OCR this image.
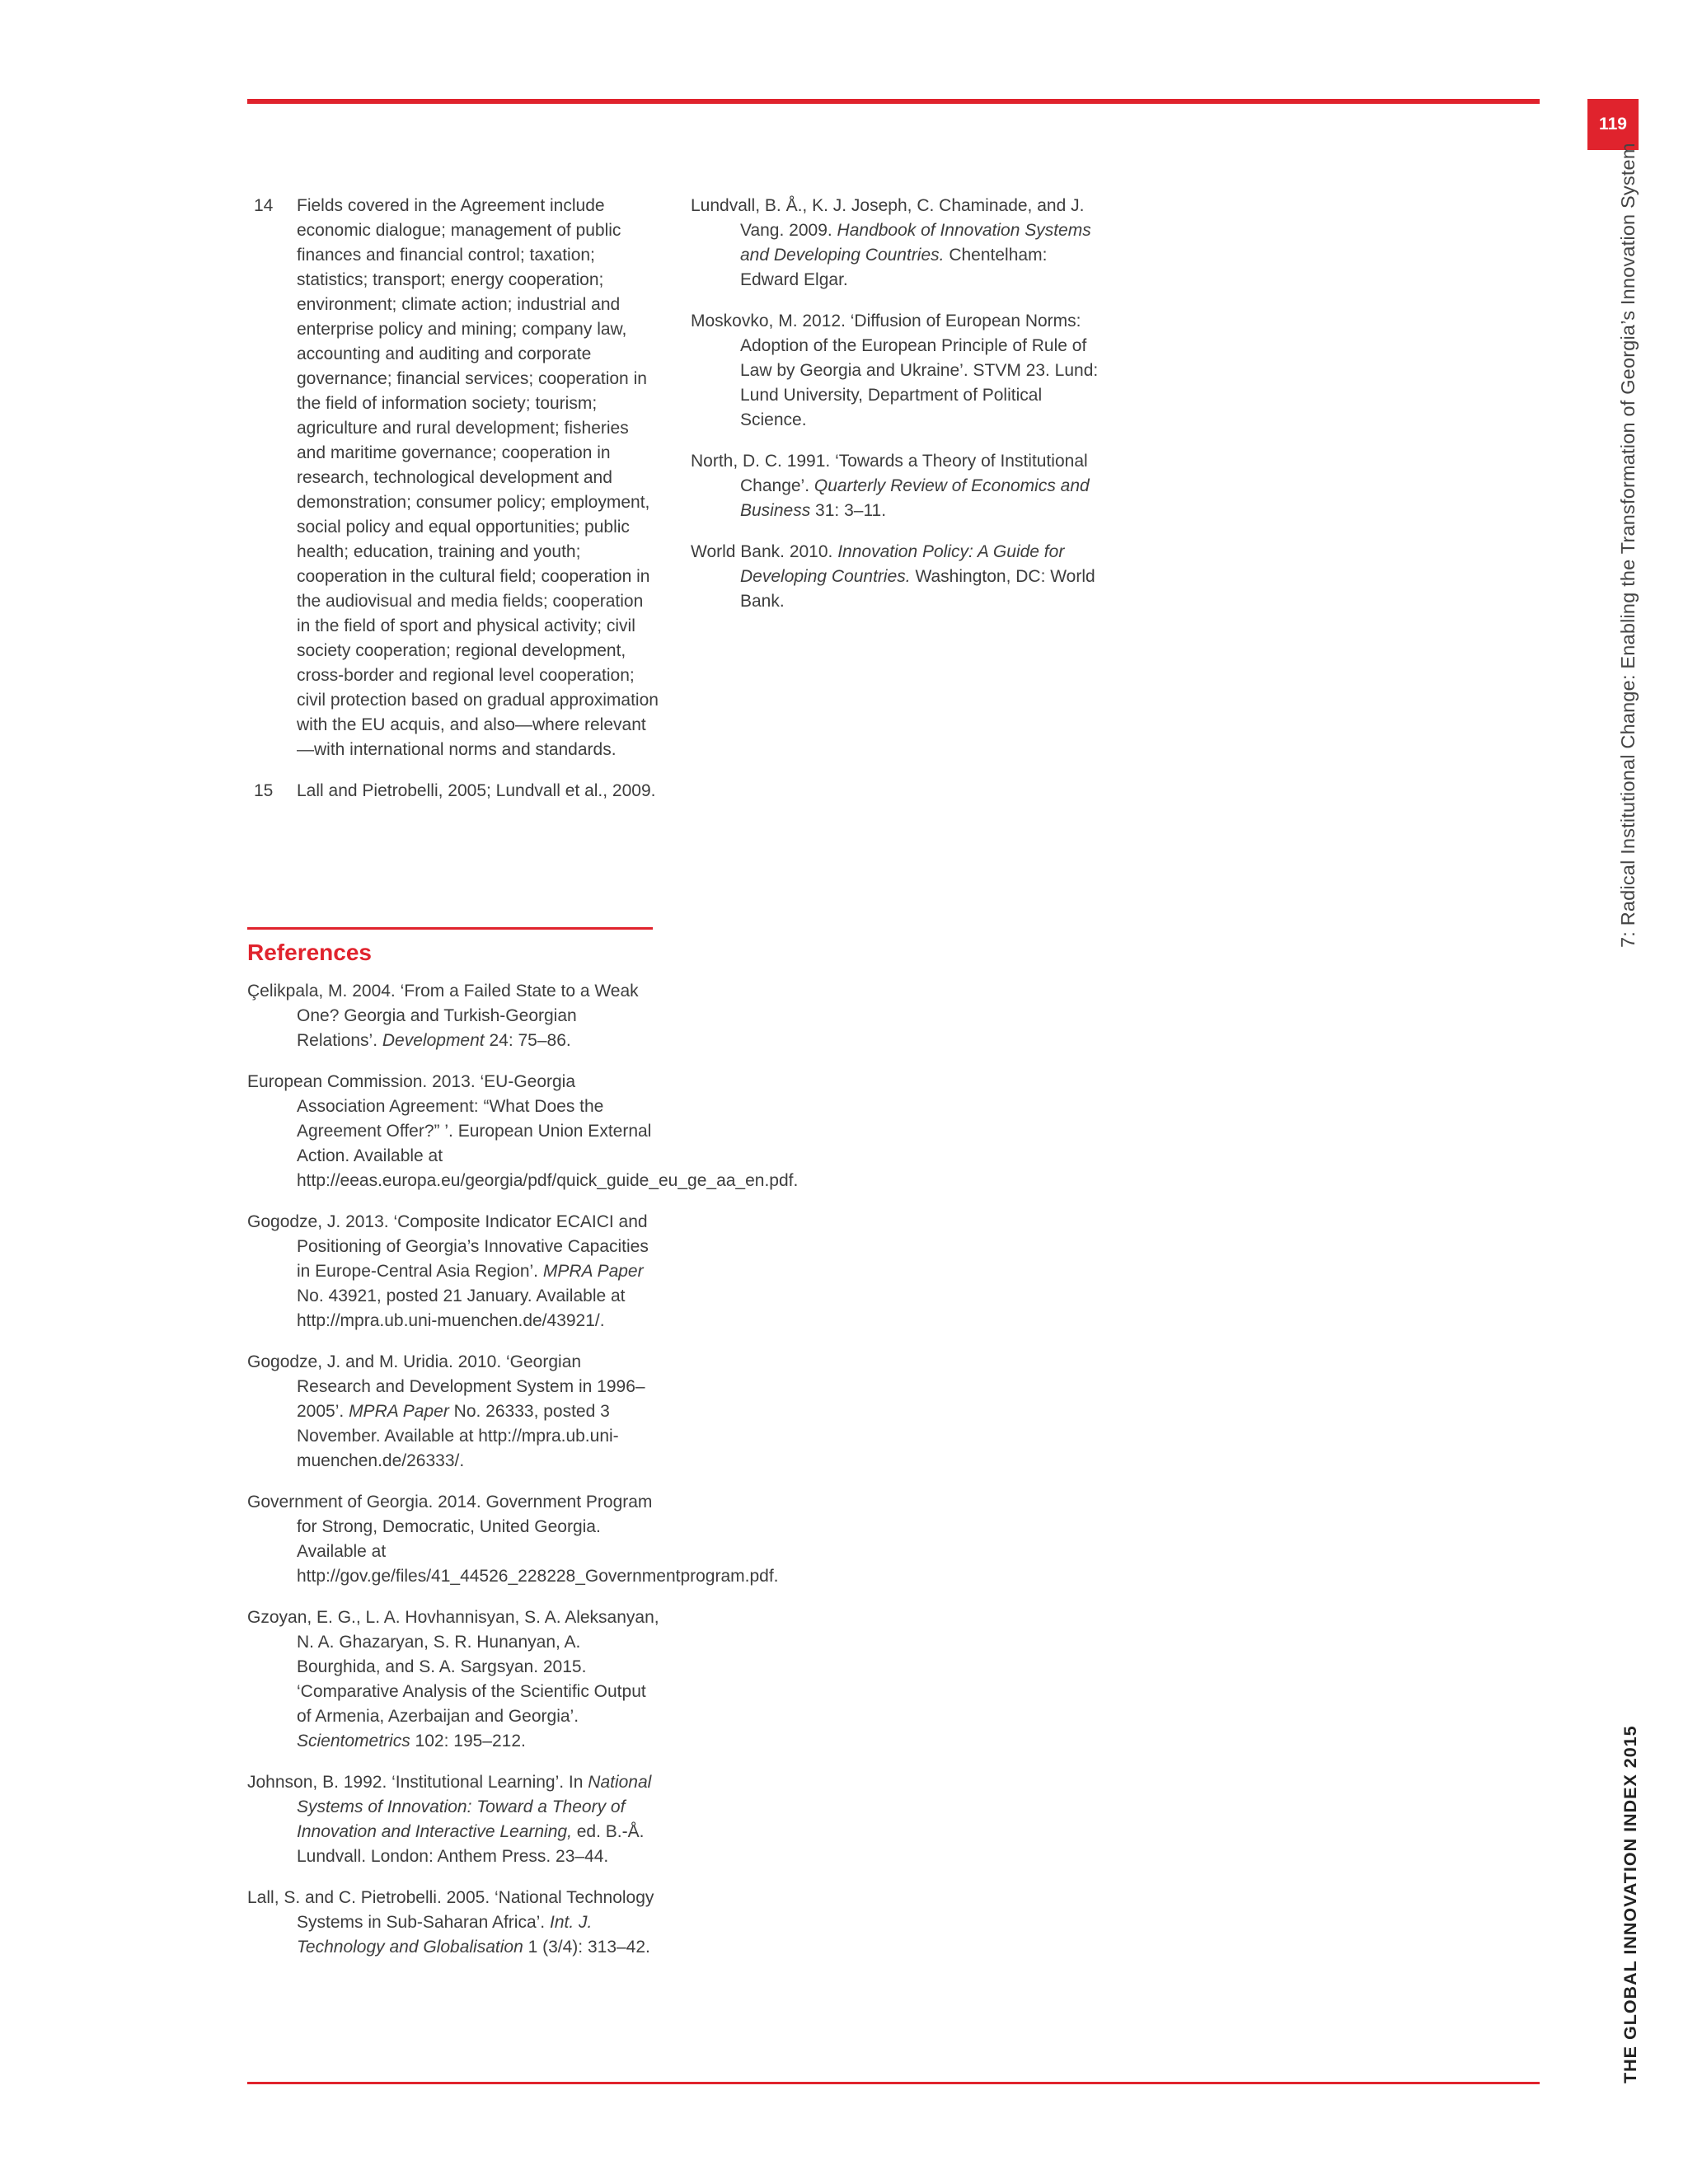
119
7: Radical Institutional Change: Enabling the Transformation of Georgia’s Innovation System
THE GLOBAL INNOVATION INDEX 2015
14	Fields covered in the Agreement include economic dialogue; management of public finances and financial control; taxation; statistics; transport; energy cooperation; environment; climate action; industrial and enterprise policy and mining; company law, accounting and auditing and corporate governance; financial services; cooperation in the field of information society; tourism; agriculture and rural development; fisheries and maritime governance; cooperation in research, technological development and demonstration; consumer policy; employment, social policy and equal opportunities; public health; education, training and youth; cooperation in the cultural field; cooperation in the audiovisual and media fields; cooperation in the field of sport and physical activity; civil society cooperation; regional development, cross-border and regional level cooperation; civil protection based on gradual approximation with the EU acquis, and also—where relevant—with international norms and standards.
15	Lall and Pietrobelli, 2005; Lundvall et al., 2009.
References
Çelikpala, M. 2004. ‘From a Failed State to a Weak One? Georgia and Turkish-Georgian Relations’. Development 24: 75–86.
European Commission. 2013. ‘EU-Georgia Association Agreement: “What Does the Agreement Offer?” ’. European Union External Action. Available at http://eeas.europa.eu/georgia/pdf/quick_guide_eu_ge_aa_en.pdf.
Gogodze, J. 2013. ‘Composite Indicator ECAICI and Positioning of Georgia’s Innovative Capacities in Europe-Central Asia Region’. MPRA Paper No. 43921, posted 21 January. Available at http://mpra.ub.uni-muenchen.de/43921/.
Gogodze, J. and M. Uridia. 2010. ‘Georgian Research and Development System in 1996–2005’. MPRA Paper No. 26333, posted 3 November. Available at http://mpra.ub.uni-muenchen.de/26333/.
Government of Georgia. 2014. Government Program for Strong, Democratic, United Georgia. Available at http://gov.ge/files/41_44526_228228_Governmentprogram.pdf.
Gzoyan, E. G., L. A. Hovhannisyan, S. A. Aleksanyan, N. A. Ghazaryan, S. R. Hunanyan, A. Bourghida, and S. A. Sargsyan. 2015. ‘Comparative Analysis of the Scientific Output of Armenia, Azerbaijan and Georgia’. Scientometrics 102: 195–212.
Johnson, B. 1992. ‘Institutional Learning’. In National Systems of Innovation: Toward a Theory of Innovation and Interactive Learning, ed. B.-Å. Lundvall. London: Anthem Press. 23–44.
Lall, S. and C. Pietrobelli. 2005. ‘National Technology Systems in Sub-Saharan Africa’. Int. J. Technology and Globalisation 1 (3/4): 313–42.
Lundvall, B. Å., K. J. Joseph, C. Chaminade, and J. Vang. 2009. Handbook of Innovation Systems and Developing Countries. Chentelham: Edward Elgar.
Moskovko, M. 2012. ‘Diffusion of European Norms: Adoption of the European Principle of Rule of Law by Georgia and Ukraine’. STVM 23. Lund: Lund University, Department of Political Science.
North, D. C. 1991. ‘Towards a Theory of Institutional Change’. Quarterly Review of Economics and Business 31: 3–11.
World Bank. 2010. Innovation Policy: A Guide for Developing Countries. Washington, DC: World Bank.
